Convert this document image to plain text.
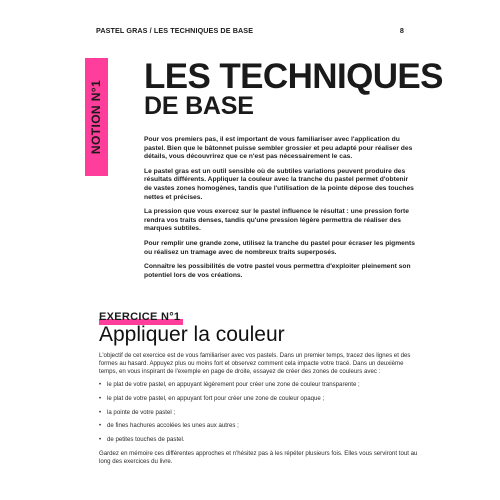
PASTEL GRAS / LES TECHNIQUES DE BASE	8
NOTION N°1
LES TECHNIQUES
DE BASE

Pour vos premiers pas, il est important de vous familiariser avec l'application du pastel. Bien que le bâtonnet puisse sembler grossier et peu adapté pour réaliser des détails, vous découvrirez que ce n'est pas nécessairement le cas.

Le pastel gras est un outil sensible où de subtiles variations peuvent produire des résultats différents. Appliquer la couleur avec la tranche du pastel permet d'obtenir de vastes zones homogènes, tandis que l'utilisation de la pointe dépose des touches nettes et précises.

La pression que vous exercez sur le pastel influence le résultat : une pression forte rendra vos traits denses, tandis qu'une pression légère permettra de réaliser des marques subtiles.

Pour remplir une grande zone, utilisez la tranche du pastel pour écraser les pigments ou réalisez un tramage avec de nombreux traits superposés.

Connaître les possibilités de votre pastel vous permettra d'exploiter pleinement son potentiel lors de vos créations.

EXERCICE N°1
Appliquer la couleur

L'objectif de cet exercice est de vous familiariser avec vos pastels. Dans un premier temps, tracez des lignes et des formes au hasard. Appuyez plus ou moins fort et observez comment cela impacte votre tracé. Dans un deuxième temps, en vous inspirant de l'exemple en page de droite, essayez de créer des zones de couleurs avec :

• le plat de votre pastel, en appuyant légèrement pour créer une zone de couleur transparente ;
• le plat de votre pastel, en appuyant fort pour créer une zone de couleur opaque ;
• la pointe de votre pastel ;
• de fines hachures accolées les unes aux autres ;
• de petites touches de pastel.

Gardez en mémoire ces différentes approches et n'hésitez pas à les répéter plusieurs fois. Elles vous serviront tout au long des exercices du livre.
